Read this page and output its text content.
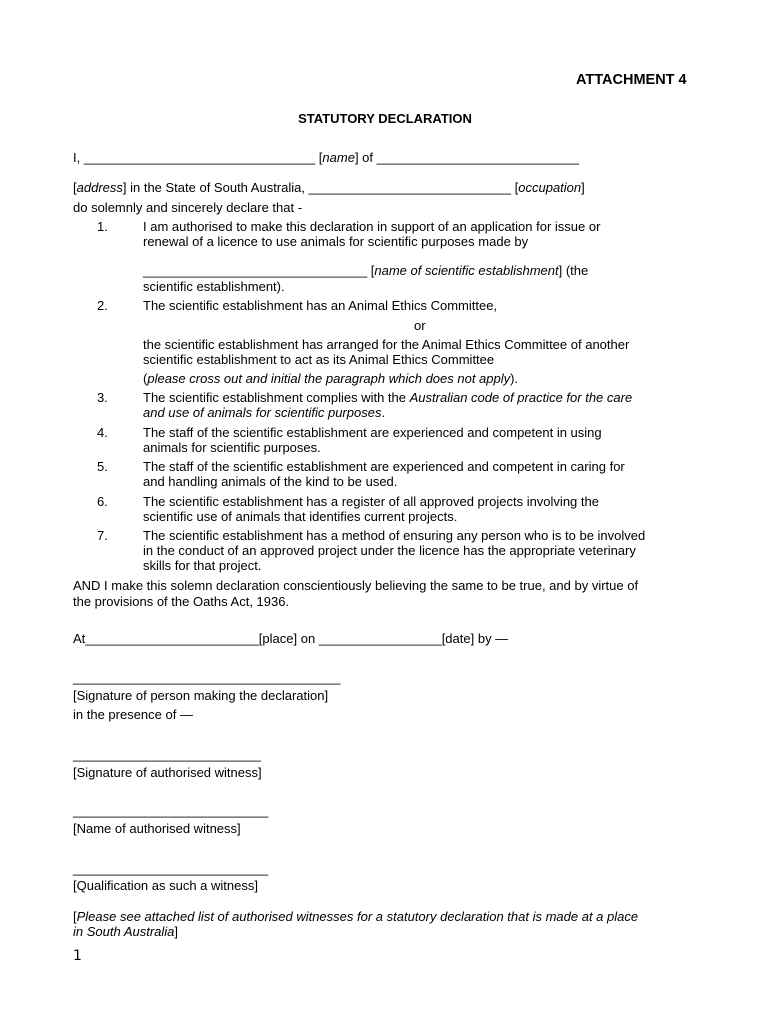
ATTACHMENT 4
STATUTORY DECLARATION
I, ________________________________ [name] of ____________________________
[address] in the State of South Australia, ____________________________ [occupation]
do solemnly and sincerely declare that -
1.	I am authorised to make this declaration in support of an application for issue or
renewal of a licence to use animals for scientific purposes made by
_______________________________ [name of scientific establishment] (the
scientific establishment).
2.	The scientific establishment has an Animal Ethics Committee,
or
the scientific establishment has arranged for the Animal Ethics Committee of another
scientific establishment to act as its Animal Ethics Committee
(please cross out and initial the paragraph which does not apply).
3.	The scientific establishment complies with the Australian code of practice for the care
and use of animals for scientific purposes.
4.	The staff of the scientific establishment are experienced and competent in using
animals for scientific purposes.
5.	The staff of the scientific establishment are experienced and competent in caring for
and handling animals of the kind to be used.
6.	The scientific establishment has a register of all approved projects involving the
scientific use of animals that identifies current projects.
7.	The scientific establishment has a method of ensuring any person who is to be involved
in the conduct of an approved project under the licence has the appropriate veterinary
skills for that project.
AND I make this solemn declaration conscientiously believing the same to be true, and by virtue of
the provisions of the Oaths Act, 1936.
At________________________[place] on _________________[date] by —
_____________________________________
[Signature of person making the declaration]
in the presence of —
__________________________
[Signature of authorised witness]
___________________________
[Name of authorised witness]
___________________________
[Qualification as such a witness]
[Please see attached list of authorised witnesses for a statutory declaration that is made at a place
in South Australia]
1
